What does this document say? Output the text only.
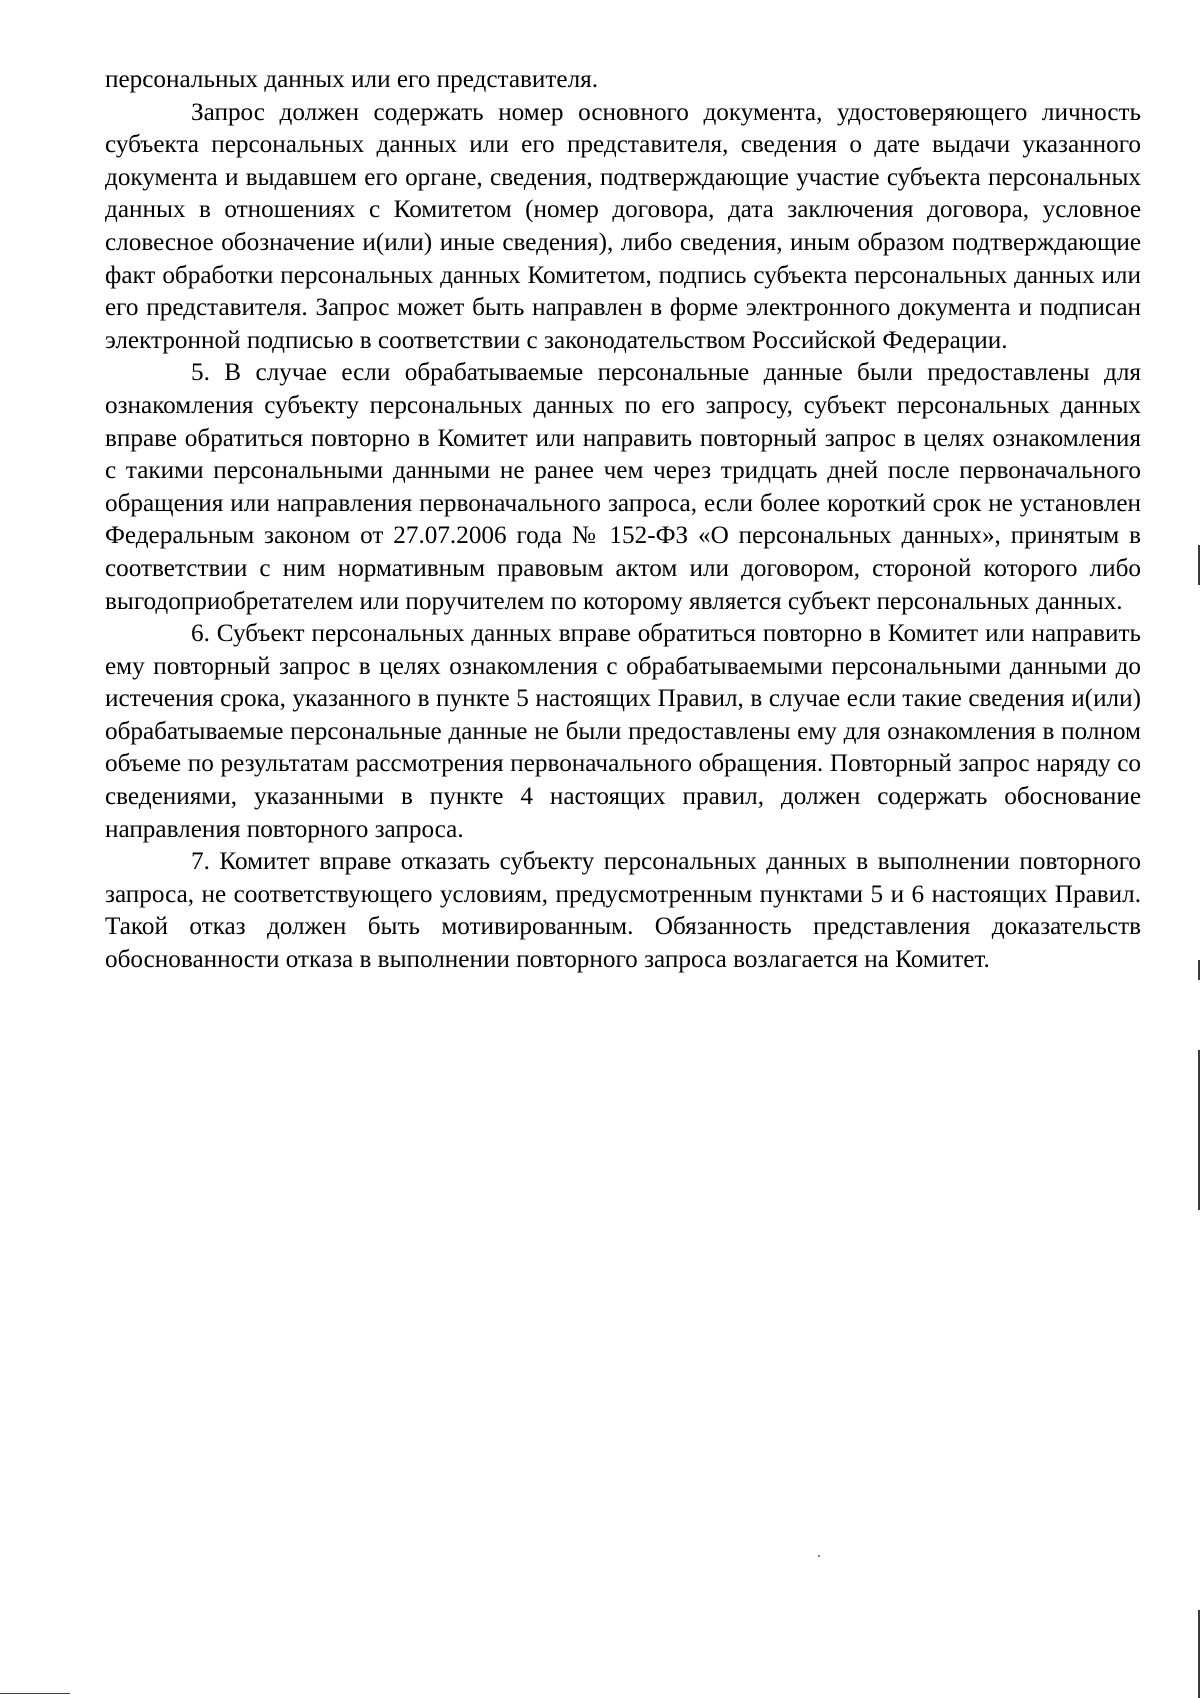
персональных данных или его представителя.

Запрос должен содержать номер основного документа, удостоверяющего личность субъекта персональных данных или его представителя, сведения о дате выдачи указанного документа и выдавшем его органе, сведения, подтверждающие участие субъекта персональных данных в отношениях с Комитетом (номер договора, дата заключения договора, условное словесное обозначение и(или) иные сведения), либо сведения, иным образом подтверждающие факт обработки персональных данных Комитетом, подпись субъекта персональных данных или его представителя. Запрос может быть направлен в форме электронного документа и подписан электронной подписью в соответствии с законодательством Российской Федерации.

5. В случае если обрабатываемые персональные данные были предоставлены для ознакомления субъекту персональных данных по его запросу, субъект персональных данных вправе обратиться повторно в Комитет или направить повторный запрос в целях ознакомления с такими персональными данными не ранее чем через тридцать дней после первоначального обращения или направления первоначального запроса, если более короткий срок не установлен Федеральным законом от 27.07.2006 года № 152-ФЗ «О персональных данных», принятым в соответствии с ним нормативным правовым актом или договором, стороной которого либо выгодоприобретателем или поручителем по которому является субъект персональных данных.

6. Субъект персональных данных вправе обратиться повторно в Комитет или направить ему повторный запрос в целях ознакомления с обрабатываемыми персональными данными до истечения срока, указанного в пункте 5 настоящих Правил, в случае если такие сведения и(или) обрабатываемые персональные данные не были предоставлены ему для ознакомления в полном объеме по результатам рассмотрения первоначального обращения. Повторный запрос наряду со сведениями, указанными в пункте 4 настоящих правил, должен содержать обоснование направления повторного запроса.

7. Комитет вправе отказать субъекту персональных данных в выполнении повторного запроса, не соответствующего условиям, предусмотренным пунктами 5 и 6 настоящих Правил. Такой отказ должен быть мотивированным. Обязанность представления доказательств обоснованности отказа в выполнении повторного запроса возлагается на Комитет.
